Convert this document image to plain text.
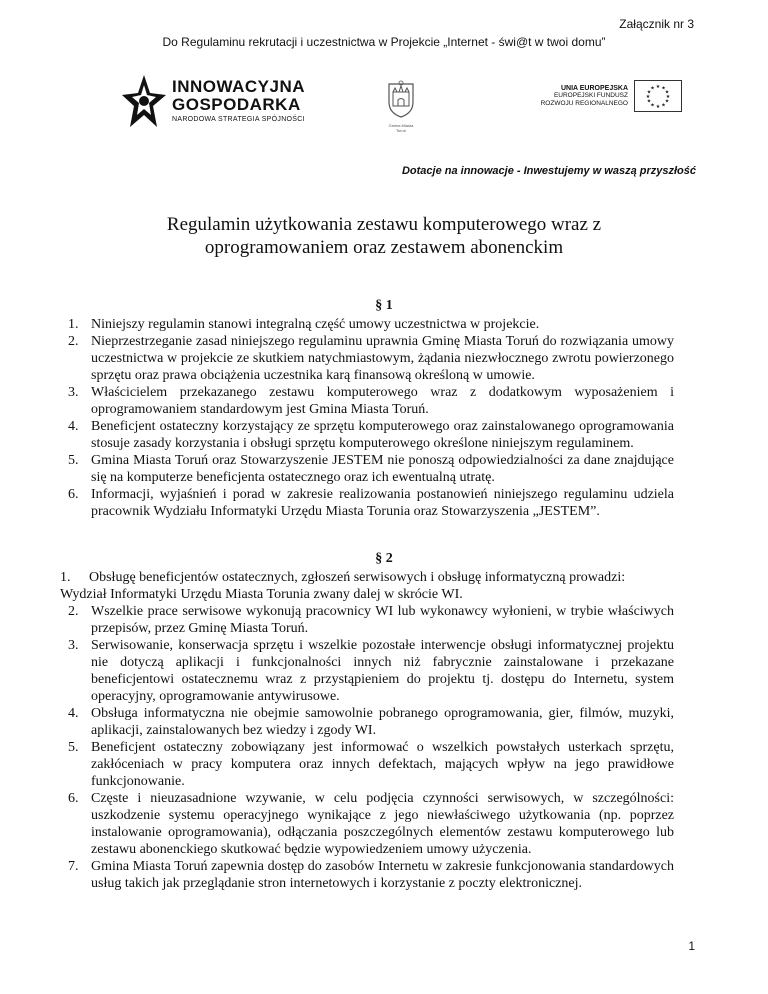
Załącznik nr 3
Do Regulaminu rekrutacji i uczestnictwa w Projekcie „Internet - świ@t w twoi domu”
INNOWACYJNA
GOSPODARKA
NARODOWA STRATEGIA SPÓJNOŚCI
Gmina Miasta Toruń
UNIA EUROPEJSKA
EUROPEJSKI FUNDUSZ
ROZWOJU REGIONALNEGO
★ ★
★
★
★
★
★
★
★
★
★
★
Dotacje na innowacje - Inwestujemy w waszą przyszłość
Regulamin użytkowania zestawu komputerowego wraz z oprogramowaniem oraz zestawem abonenckim
§ 1
1. Niniejszy regulamin stanowi integralną część umowy uczestnictwa w projekcie.
2. Nieprzestrzeganie zasad niniejszego regulaminu uprawnia Gminę Miasta Toruń do rozwiązania umowy uczestnictwa w projekcie ze skutkiem natychmiastowym, żądania niezwłocznego zwrotu powierzonego sprzętu oraz prawa obciążenia uczestnika karą finansową określoną w umowie.
3. Właścicielem przekazanego zestawu komputerowego wraz z dodatkowym wyposażeniem i oprogramowaniem standardowym jest Gmina Miasta Toruń.
4. Beneficjent ostateczny korzystający ze sprzętu komputerowego oraz zainstalowanego oprogramowania stosuje zasady korzystania i obsługi sprzętu komputerowego określone niniejszym regulaminem.
5. Gmina Miasta Toruń oraz Stowarzyszenie JESTEM nie ponoszą odpowiedzialności za dane znajdujące się na komputerze beneficjenta ostatecznego oraz ich ewentualną utratę.
6. Informacji, wyjaśnień i porad w zakresie realizowania postanowień niniejszego regulaminu udziela pracownik Wydziału Informatyki Urzędu Miasta Torunia oraz Stowarzyszenia „JESTEM”.
§ 2
1. Obsługę beneficjentów ostatecznych, zgłoszeń serwisowych i obsługę informatyczną prowadzi: Wydział Informatyki Urzędu Miasta Torunia zwany dalej w skrócie WI.
2. Wszelkie prace serwisowe wykonują pracownicy WI lub wykonawcy wyłonieni, w trybie właściwych przepisów, przez Gminę Miasta Toruń.
3. Serwisowanie, konserwacja sprzętu i wszelkie pozostałe interwencje obsługi informatycznej projektu nie dotyczą aplikacji i funkcjonalności innych niż fabrycznie zainstalowane i przekazane beneficjentowi ostatecznemu wraz z przystąpieniem do projektu tj. dostępu do Internetu, system operacyjny, oprogramowanie antywirusowe.
4. Obsługa informatyczna nie obejmie samowolnie pobranego oprogramowania, gier, filmów, muzyki, aplikacji, zainstalowanych bez wiedzy i zgody WI.
5. Beneficjent ostateczny zobowiązany jest informować o wszelkich powstałych usterkach sprzętu, zakłóceniach w pracy komputera oraz innych defektach, mających wpływ na jego prawidłowe funkcjonowanie.
6. Częste i nieuzasadnione wzywanie, w celu podjęcia czynności serwisowych, w szczególności: uszkodzenie systemu operacyjnego wynikające z jego niewłaściwego użytkowania (np. poprzez instalowanie oprogramowania), odłączania poszczególnych elementów zestawu komputerowego lub zestawu abonenckiego skutkować będzie wypowiedzeniem umowy użyczenia.
7. Gmina Miasta Toruń zapewnia dostęp do zasobów Internetu w zakresie funkcjonowania standardowych usług takich jak przeglądanie stron internetowych i korzystanie z poczty elektronicznej.
1
